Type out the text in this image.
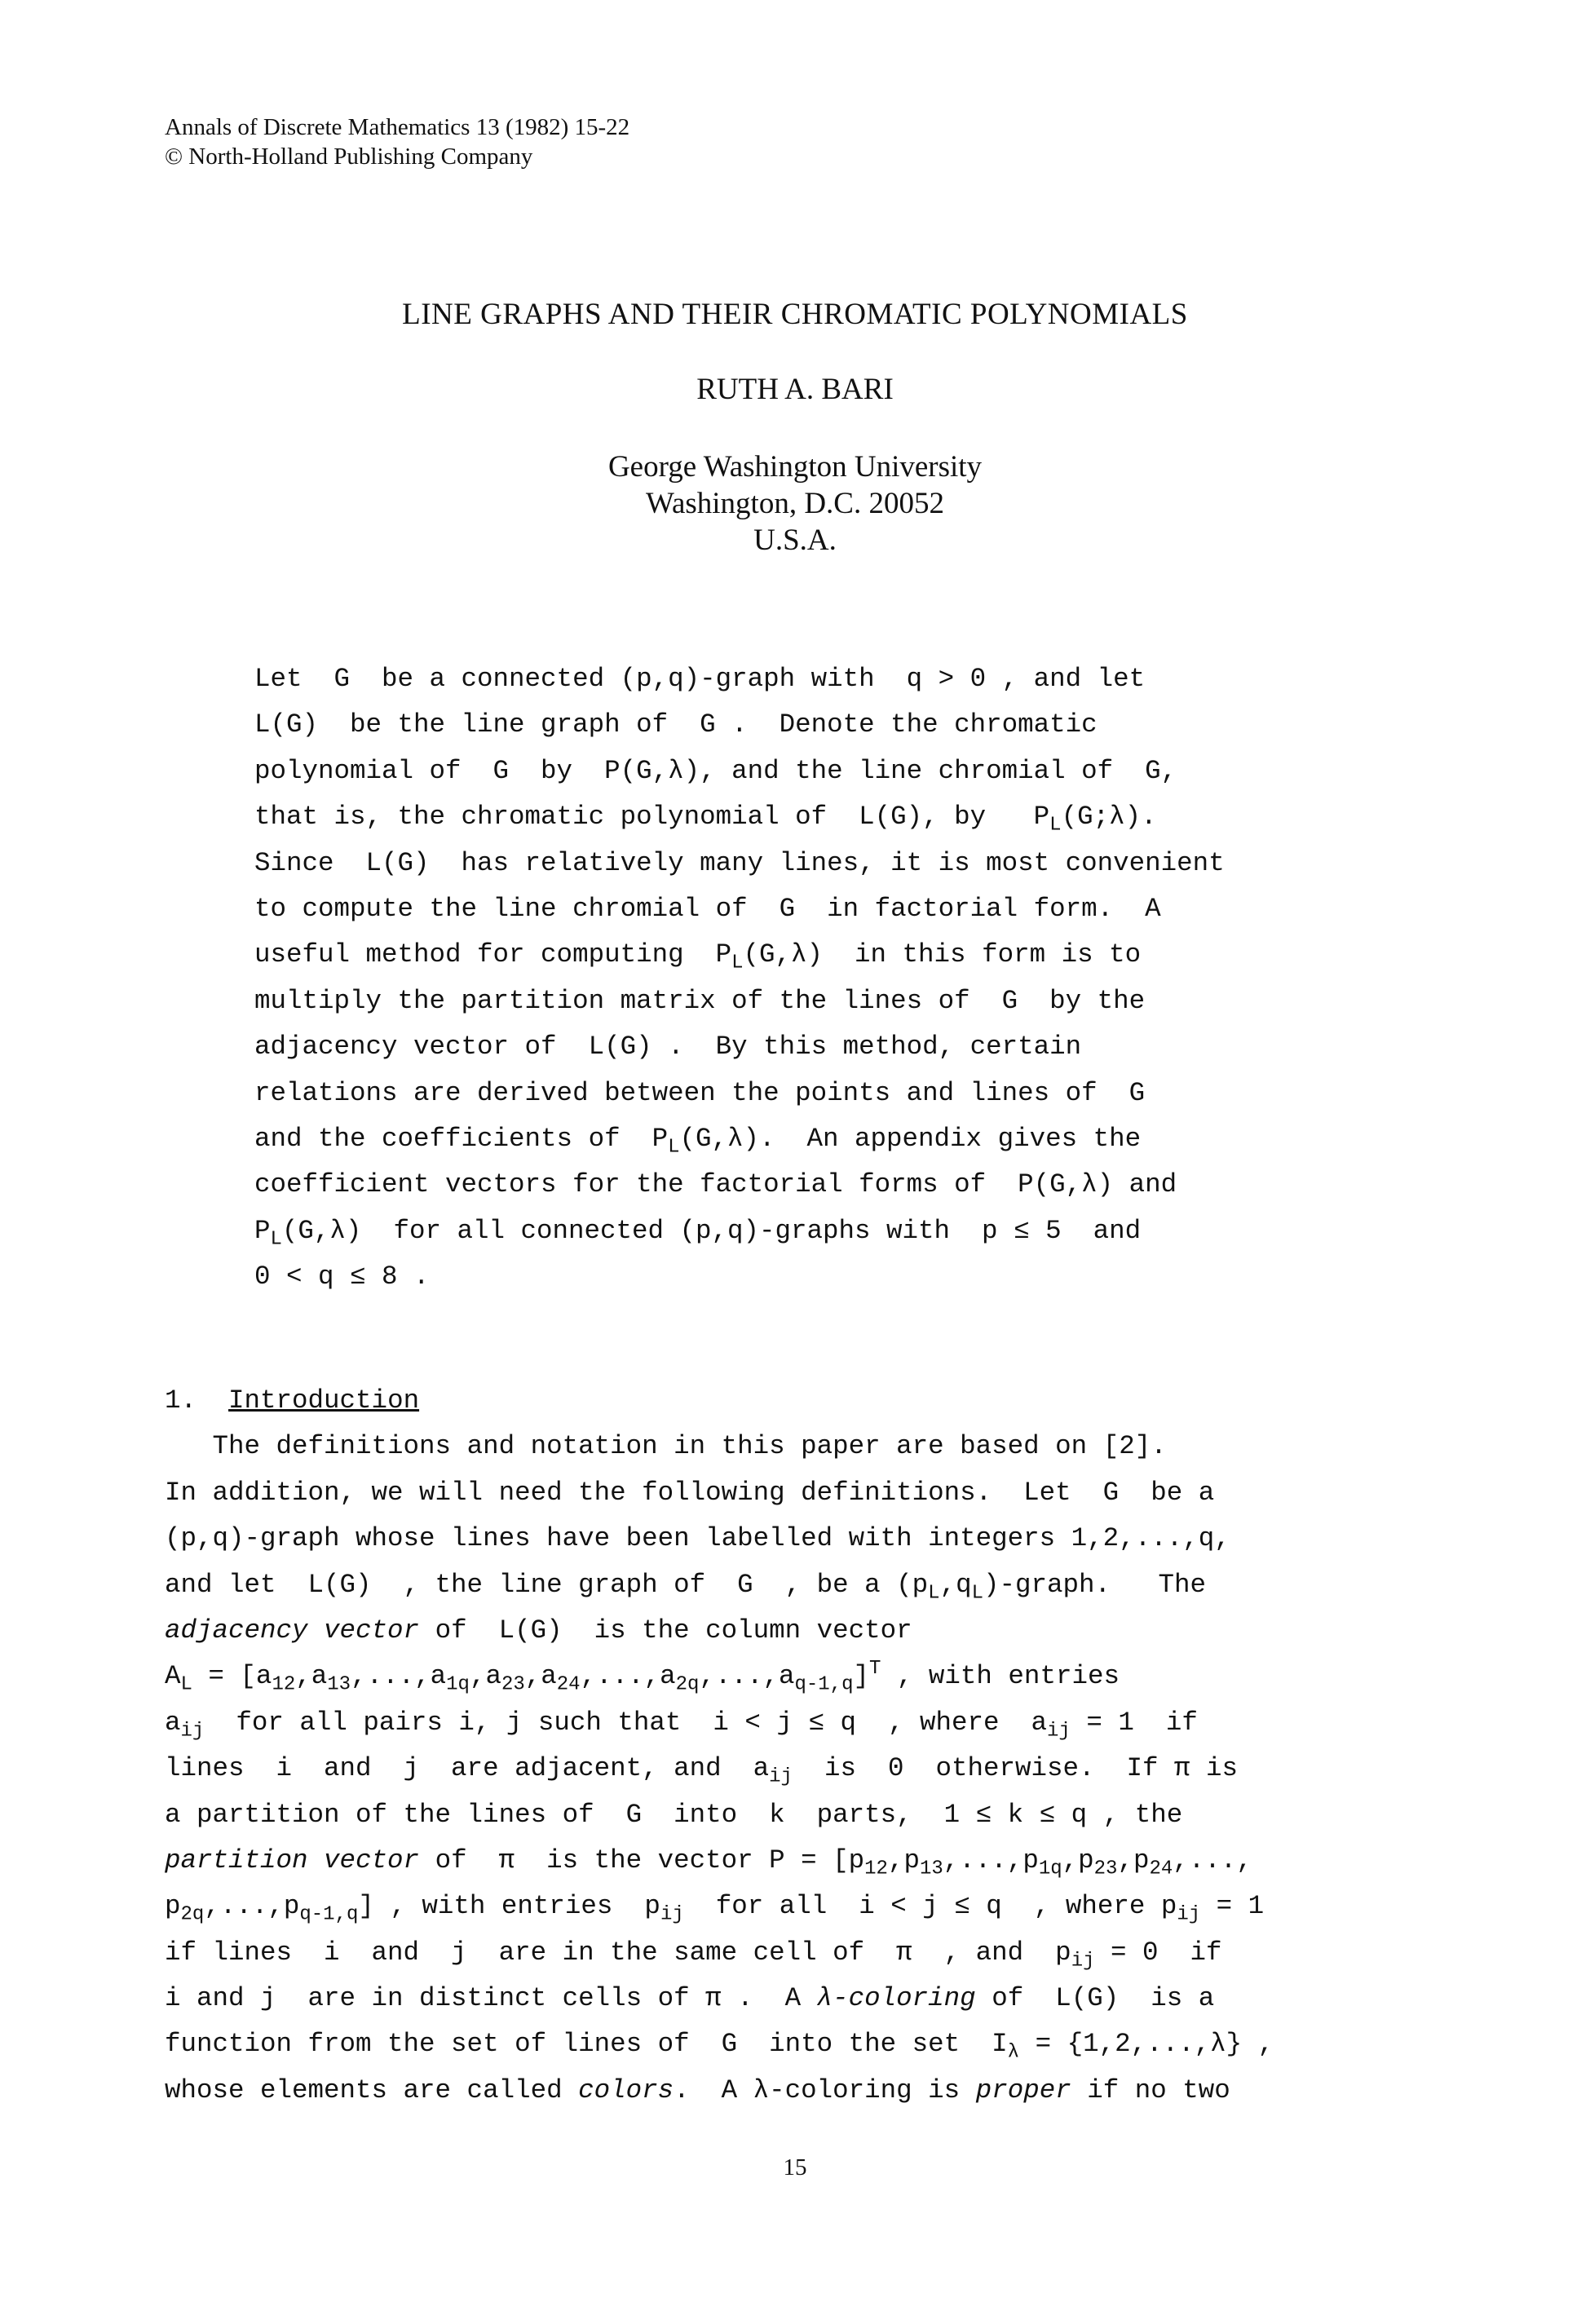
Annals of Discrete Mathematics 13 (1982) 15-22
© North-Holland Publishing Company
LINE GRAPHS AND THEIR CHROMATIC POLYNOMIALS
RUTH A. BARI
George Washington University
Washington, D.C. 20052
U.S.A.
Let  G  be a connected (p,q)-graph with  q > 0 , and let
L(G)  be the line graph of  G .  Denote the chromatic
polynomial of  G  by  P(G,λ), and the line chromial of  G,
that is, the chromatic polynomial of  L(G), by   $P_L(G;\lambda)$.
Since  L(G)  has relatively many lines, it is most convenient
to compute the line chromial of  G  in factorial form.  A
useful method for computing  $P_L(G,\lambda)$  in this form is to
multiply the partition matrix of the lines of  G  by the
adjacency vector of  L(G) .  By this method, certain
relations are derived between the points and lines of  G
and the coefficients of  $P_L(G,\lambda)$.  An appendix gives the
coefficient vectors for the factorial forms of  P(G,λ) and
$P_L(G,\lambda)$  for all connected (p,q)-graphs with  p ≤ 5  and
0 < q ≤ 8 .
1. Introduction
The definitions and notation in this paper are based on [2].
In addition, we will need the following definitions.  Let  G  be a
(p,q)-graph whose lines have been labelled with integers 1,2,...,q,
and let  L(G)  , the line graph of  G  , be a $(p_L,q_L)$-graph.   The
adjacency vector of  L(G)  is the column vector
$A_L = [a_{12},a_{13},...,a_{1q},a_{23},a_{24},...,a_{2q},...,a_{q-1,q}]^T$ , with entries
$a_{ij}$  for all pairs i, j such that  i < j ≤ q  , where  $a_{ij} = 1$  if
lines  i  and  j  are adjacent, and  $a_{ij}$  is  0  otherwise.  If π is
a partition of the lines of  G  into  k  parts,  1 ≤ k ≤ q , the
partition vector of  π  is the vector $P = [p_{12},p_{13},...,p_{1q},p_{23},p_{24}$,...,
$p_{2q},...,p_{q-1,q}$] , with entries  $p_{ij}$  for all  i < j ≤ q  , where $p_{ij} = 1$
if lines  i  and  j  are in the same cell of  π  , and  $p_{ij} = 0$  if
i and j  are in distinct cells of π .  A λ-coloring of  L(G)  is a
function from the set of lines of  G  into the set  $I_\lambda = \{1,2,...,\lambda\}$ ,
whose elements are called colors.  A λ-coloring is proper if no two
15
